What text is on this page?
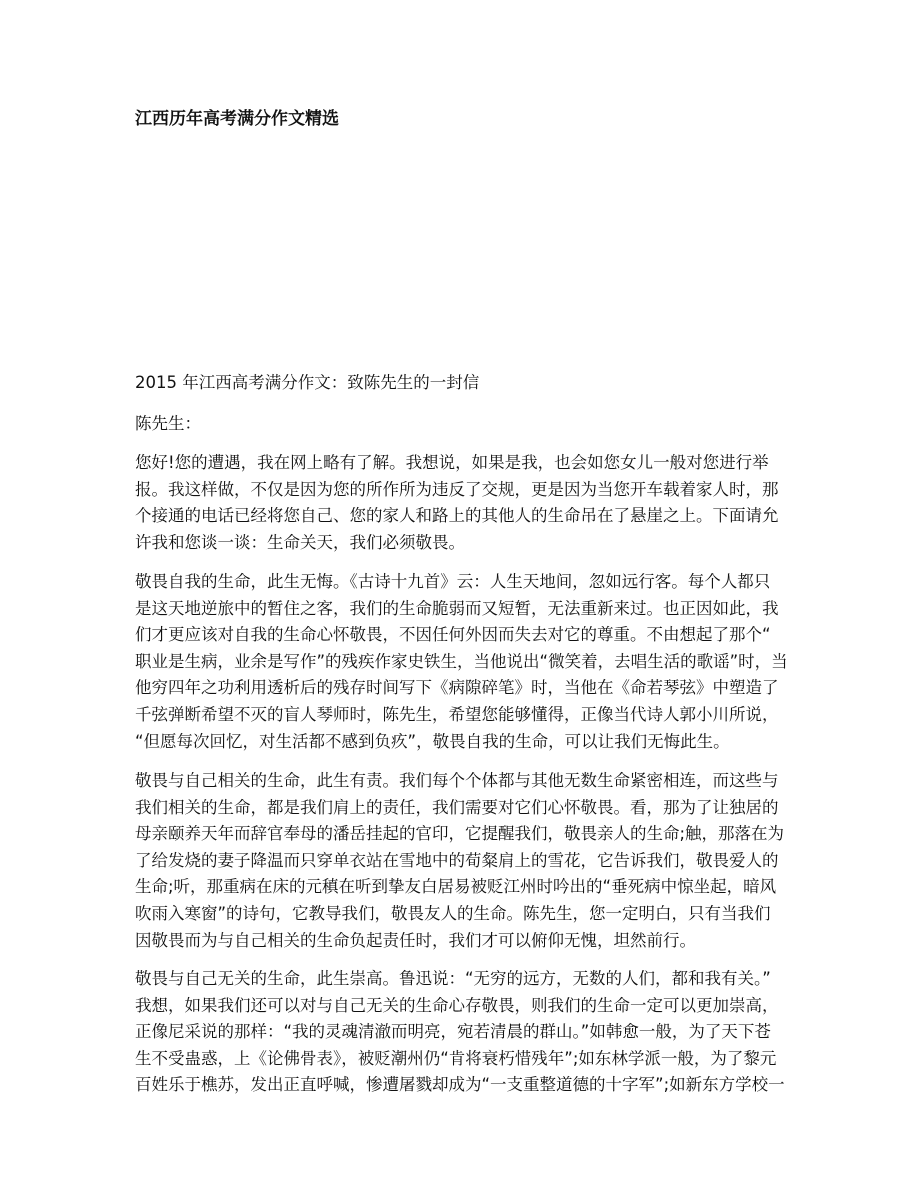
江西历年高考满分作文精选
2015 年江西高考满分作文：致陈先生的一封信
陈先生：
您好!您的遭遇，我在网上略有了解。我想说，如果是我，也会如您女儿一般对您进行举
报。我这样做，不仅是因为您的所作所为违反了交规，更是因为当您开车载着家人时，那
个接通的电话已经将您自己、您的家人和路上的其他人的生命吊在了悬崖之上。下面请允
许我和您谈一谈：生命关天，我们必须敬畏。
敬畏自我的生命，此生无悔。《古诗十九首》云：人生天地间，忽如远行客。每个人都只
是这天地逆旅中的暂住之客，我们的生命脆弱而又短暂，无法重新来过。也正因如此，我
们才更应该对自我的生命心怀敬畏，不因任何外因而失去对它的尊重。不由想起了那个“
职业是生病，业余是写作”的残疾作家史铁生，当他说出“微笑着，去唱生活的歌谣”时，当
他穷四年之功利用透析后的残存时间写下《病隙碎笔》时，当他在《命若琴弦》中塑造了
千弦弹断希望不灭的盲人琴师时，陈先生，希望您能够懂得，正像当代诗人郭小川所说，
“但愿每次回忆，对生活都不感到负疚”，敬畏自我的生命，可以让我们无悔此生。
敬畏与自己相关的生命，此生有责。我们每个个体都与其他无数生命紧密相连，而这些与
我们相关的生命，都是我们肩上的责任，我们需要对它们心怀敬畏。看，那为了让独居的
母亲颐养天年而辞官奉母的潘岳挂起的官印，它提醒我们，敬畏亲人的生命;触，那落在为
了给发烧的妻子降温而只穿单衣站在雪地中的荀粲肩上的雪花，它告诉我们，敬畏爱人的
生命;听，那重病在床的元稹在听到挚友白居易被贬江州时吟出的“垂死病中惊坐起，暗风
吹雨入寒窗”的诗句，它教导我们，敬畏友人的生命。陈先生，您一定明白，只有当我们
因敬畏而为与自己相关的生命负起责任时，我们才可以俯仰无愧，坦然前行。
敬畏与自己无关的生命，此生崇高。鲁迅说：“无穷的远方，无数的人们，都和我有关。”
我想，如果我们还可以对与自己无关的生命心存敬畏，则我们的生命一定可以更加崇高，
正像尼采说的那样：“我的灵魂清澈而明亮，宛若清晨的群山。”如韩愈一般，为了天下苍
生不受蛊惑，上《论佛骨表》，被贬潮州仍“肯将衰朽惜残年”;如东林学派一般，为了黎元
百姓乐于樵苏，发出正直呼喊，惨遭屠戮却成为“一支重整道德的十字军”;如新东方学校一
